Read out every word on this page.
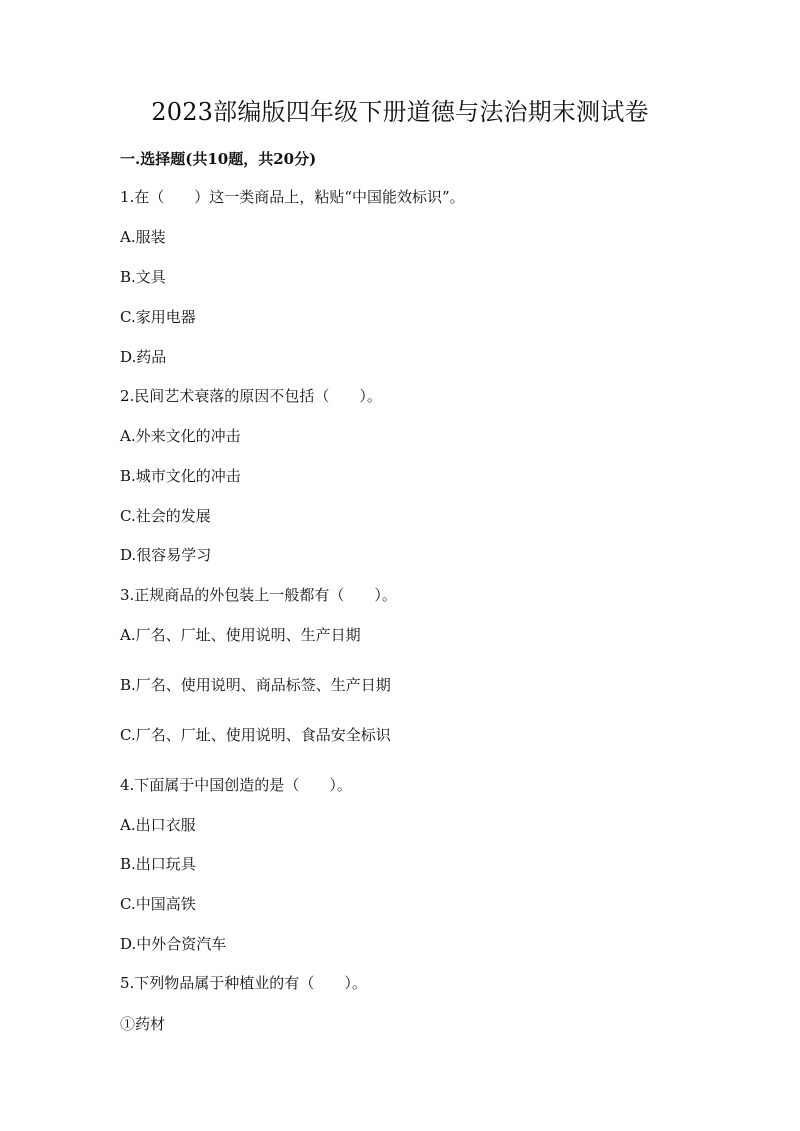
2023部编版四年级下册道德与法治期末测试卷
一.选择题(共10题，共20分)
1.在（　　）这一类商品上，粘贴“中国能效标识”。
A.服装
B.文具
C.家用电器
D.药品
2.民间艺术衰落的原因不包括（　　）。
A.外来文化的冲击
B.城市文化的冲击
C.社会的发展
D.很容易学习
3.正规商品的外包装上一般都有（　　）。
A.厂名、厂址、使用说明、生产日期
B.厂名、使用说明、商品标签、生产日期
C.厂名、厂址、使用说明、食品安全标识
4.下面属于中国创造的是（　　）。
A.出口衣服
B.出口玩具
C.中国高铁
D.中外合资汽车
5.下列物品属于种植业的有（　　）。
①药材
